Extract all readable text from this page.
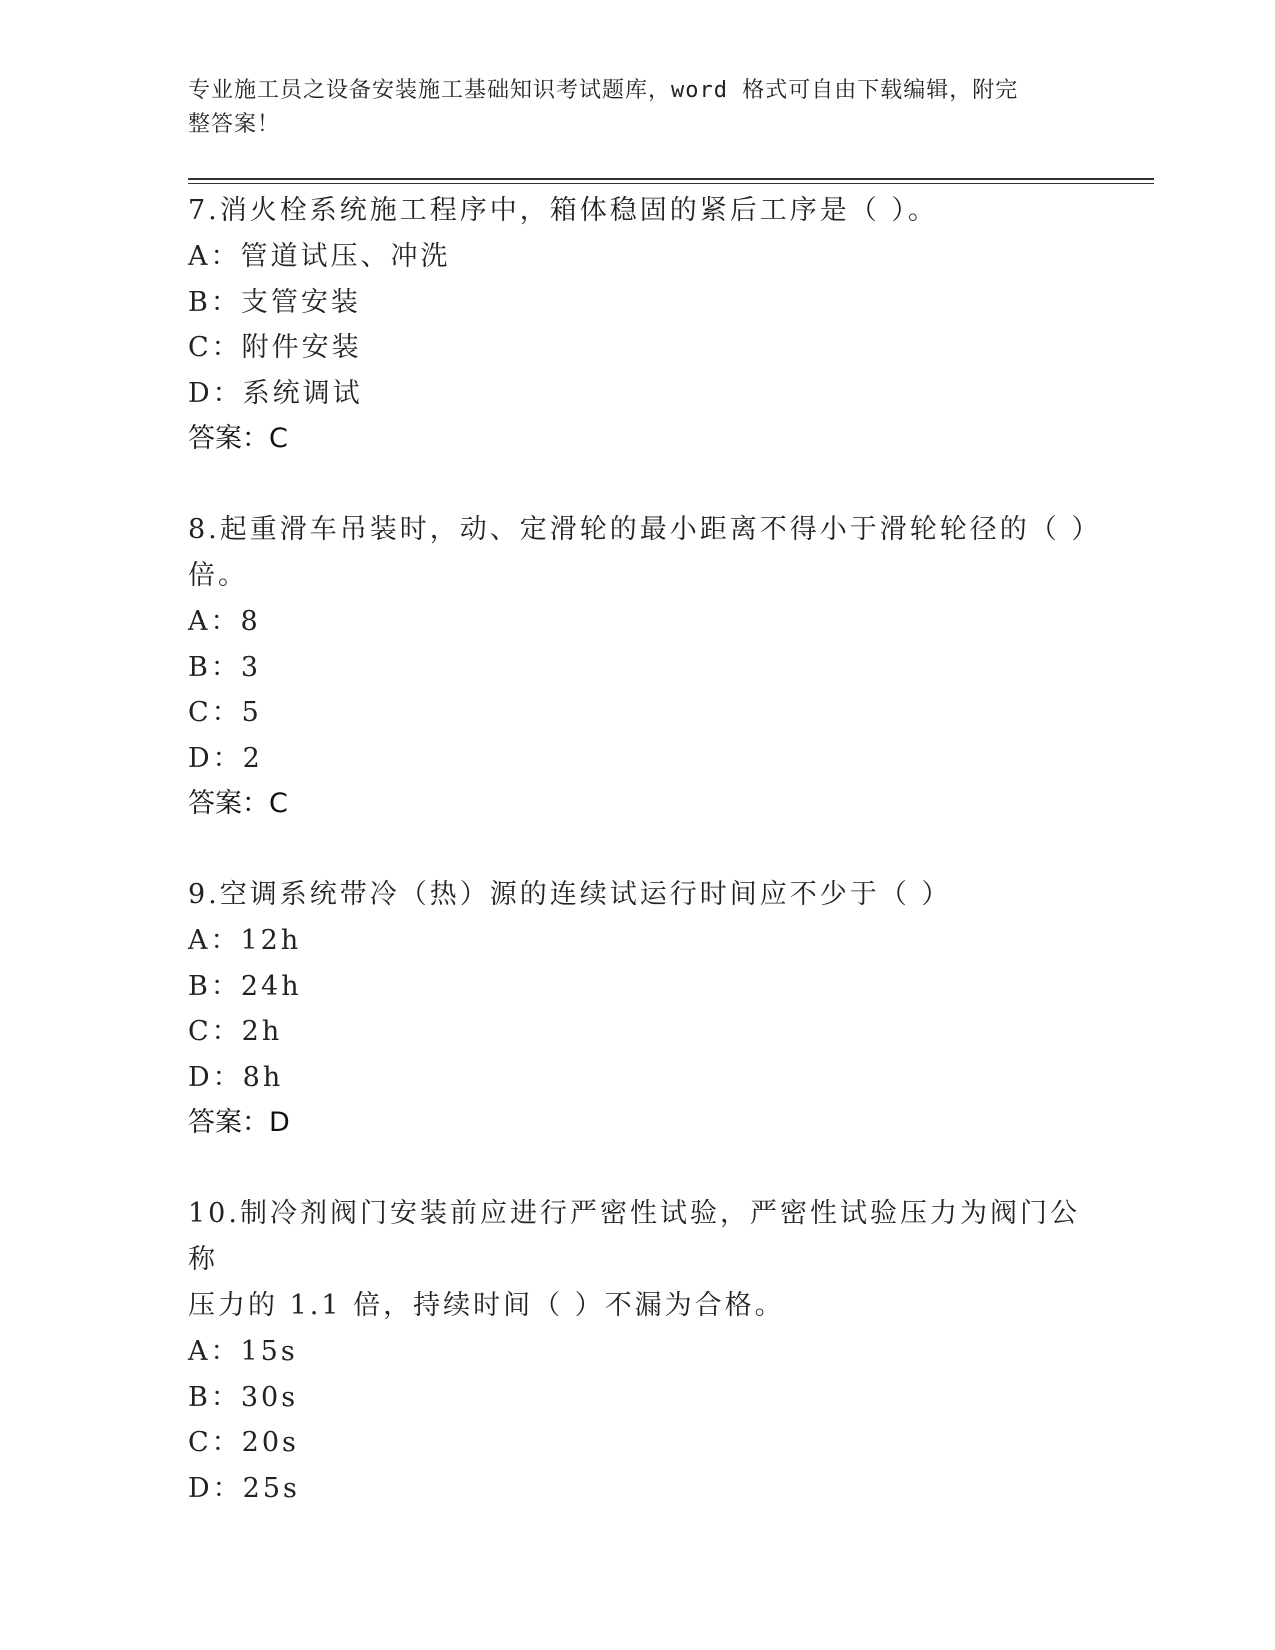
专业施工员之设备安装施工基础知识考试题库，word 格式可自由下载编辑，附完
整答案！

7.消火栓系统施工程序中，箱体稳固的紧后工序是（ ）。

A：管道试压、冲洗

B：支管安装

C：附件安装

D：系统调试

答案：C

8.起重滑车吊装时，动、定滑轮的最小距离不得小于滑轮轮径的（ ）

倍。

A：8

B：3

C：5

D：2

答案：C

9.空调系统带冷（热）源的连续试运行时间应不少于（ ）

A：12h

B：24h

C：2h

D：8h

答案：D

10.制冷剂阀门安装前应进行严密性试验，严密性试验压力为阀门公称

压力的 1.1 倍，持续时间（ ）不漏为合格。

A：15s

B：30s

C：20s

D：25s
